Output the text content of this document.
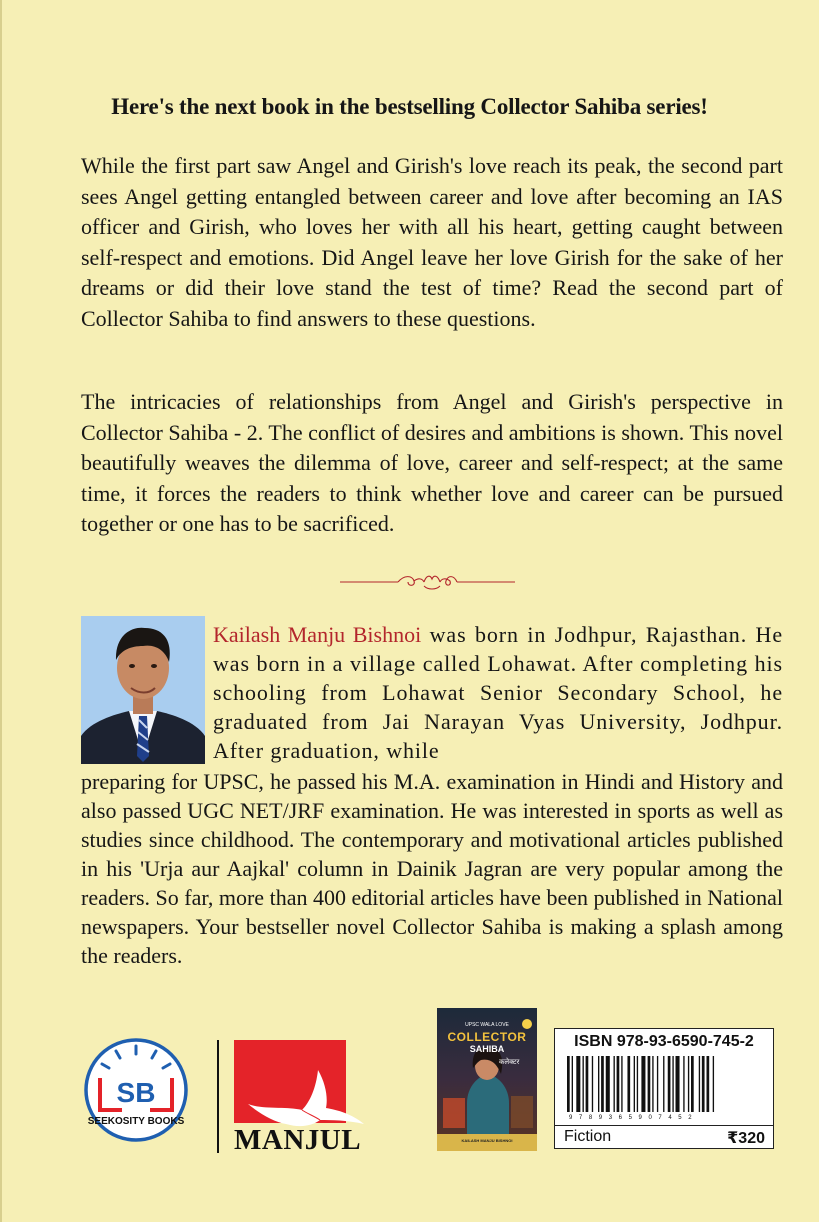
Here's the next book in the bestselling Collector Sahiba series!
While the first part saw Angel and Girish's love reach its peak, the second part sees Angel getting entangled between career and love after becoming an IAS officer and Girish, who loves her with all his heart, getting caught between self-respect and emotions. Did Angel leave her love Girish for the sake of her dreams or did their love stand the test of time? Read the second part of Collector Sahiba to find answers to these questions.
The intricacies of relationships from Angel and Girish's perspective in Collector Sahiba - 2. The conflict of desires and ambitions is shown. This novel beautifully weaves the dilemma of love, career and self-respect; at the same time, it forces the readers to think whether love and career can be pursued together or one has to be sacrificed.
Kailash Manju Bishnoi was born in Jodhpur, Rajasthan. He was born in a village called Lohawat. After completing his schooling from Lohawat Senior Secondary School, he graduated from Jai Narayan Vyas University, Jodhpur. After graduation, while
preparing for UPSC, he passed his M.A. examination in Hindi and History and also passed UGC NET/JRF examination. He was interested in sports as well as studies since childhood. The contemporary and motivational articles published in his 'Urja aur Aajkal' column in Dainik Jagran are very popular among the readers. So far, more than 400 editorial articles have been published in National newspapers. Your bestseller novel Collector Sahiba is making a splash among the readers.
SB
SEEKOSITY BOOKS
MANJUL
UPSC WALA LOVE
COLLECTOR
SAHIBA
कलेक्टर
KAILASH MANJU BISHNOI
ISBN 978-93-6590-745-2
9789365907452
Fiction	₹320
